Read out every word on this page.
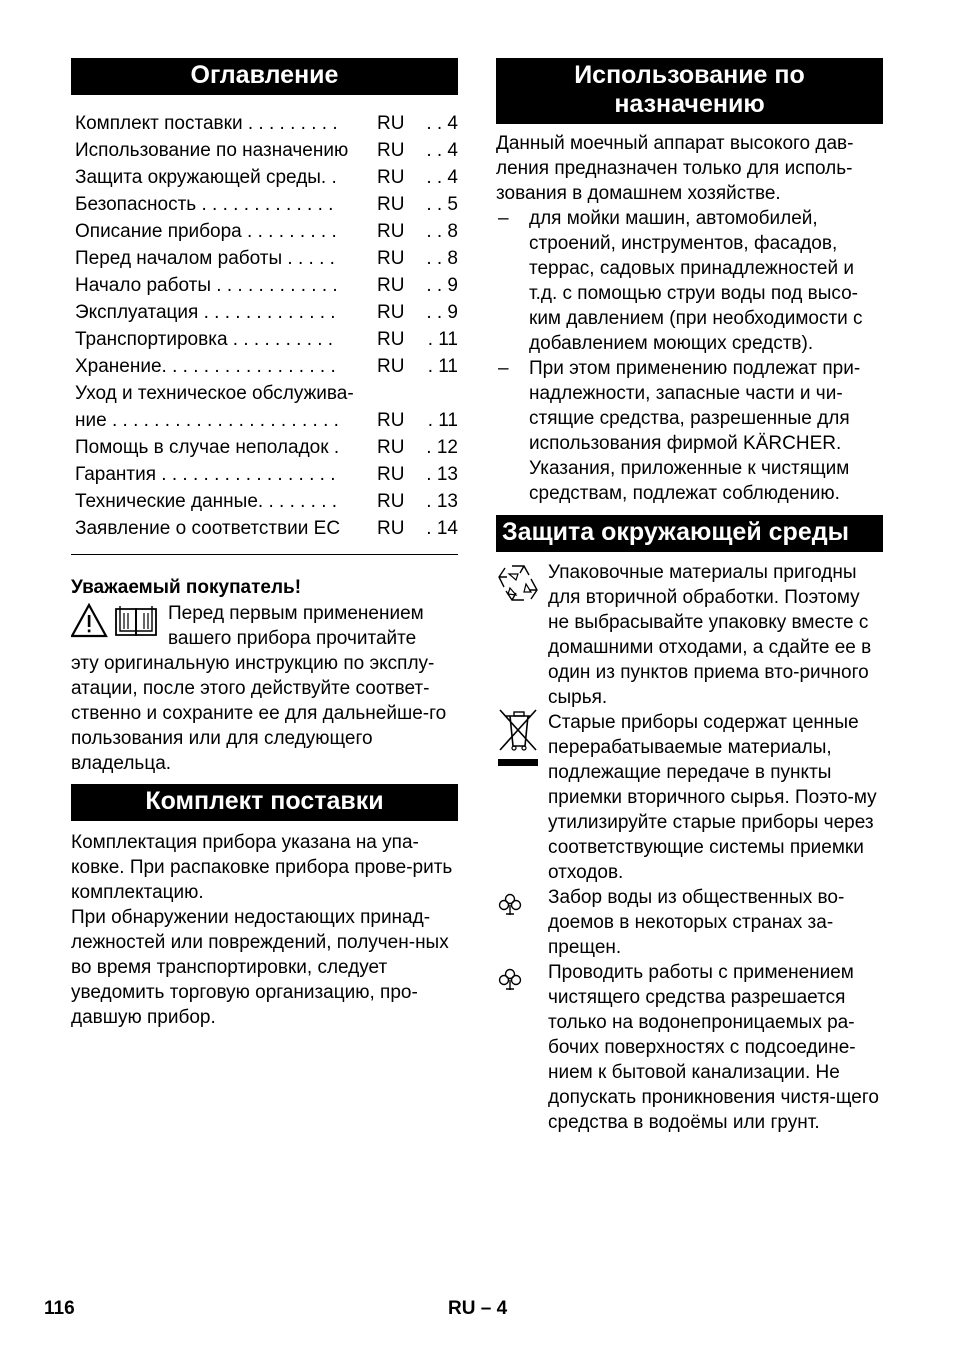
Оглавление
Комплект поставки . . . . . . . . .	RU	. . 4
Использование по назначению	RU	. . 4
Защита окружающей среды. .	RU	. . 4
Безопасность . . . . . . . . . . . . .	RU	. . 5
Описание прибора . . . . . . . . .	RU	. . 8
Перед началом работы . . . . .	RU	. . 8
Начало работы . . . . . . . . . . . .	RU	. . 9
Эксплуатация . . . . . . . . . . . . .	RU	. . 9
Транспортировка . . . . . . . . . .	RU	. 11
Хранение. . . . . . . . . . . . . . . . .	RU	. 11
Уход и техническое обслужива-
ние . . . . . . . . . . . . . . . . . . . . . .	RU	. 11
Помощь в случае неполадок .	RU	. 12
Гарантия . . . . . . . . . . . . . . . . .	RU	. 13
Технические данные. . . . . . . .	RU	. 13
Заявление о соответствии ЕС	RU	. 14
Уважаемый покупатель!
Перед первым применением
вашего прибора прочитайте
эту оригинальную инструкцию по эксплу-атации, после этого действуйте соответ-ственно и сохраните ее для дальнейше-го пользования или для следующего владельца.
Комплект поставки
Комплектация прибора указана на упа-ковке. При распаковке прибора прове-рить комплектацию.
При обнаружении недостающих принад-лежностей или повреждений, получен-ных во время транспортировки, следует уведомить торговую организацию, про-давшую прибор.
Использование по назначению
Данный моечный аппарат высокого дав-ления предназначен только для исполь-зования в домашнем хозяйстве.
– для мойки машин, автомобилей, строений, инструментов, фасадов, террас, садовых принадлежностей и т.д. с помощью струи воды под высо-ким давлением (при необходимости с добавлением моющих средств).
– При этом применению подлежат при-надлежности, запасные части и чи-стящие средства, разрешенные для использования фирмой KÄRCHER. Указания, приложенные к чистящим средствам, подлежат соблюдению.
Защита окружающей среды
Упаковочные материалы пригодны для вторичной обработки. Поэтому не выбрасывайте упаковку вместе с домашними отходами, а сдайте ее в один из пунктов приема вто-ричного сырья.
Старые приборы содержат ценные перерабатываемые материалы, подлежащие передаче в пункты приемки вторичного сырья. Поэто-му утилизируйте старые приборы через соответствующие системы приемки отходов.
Забор воды из общественных во-доемов в некоторых странах за-прещен.
Проводить работы с применением чистящего средства разрешается только на водонепроницаемых ра-бочих поверхностях с подсоедине-нием к бытовой канализации. Не допускать проникновения чистя-щего средства в водоёмы или грунт.
116	RU – 4
